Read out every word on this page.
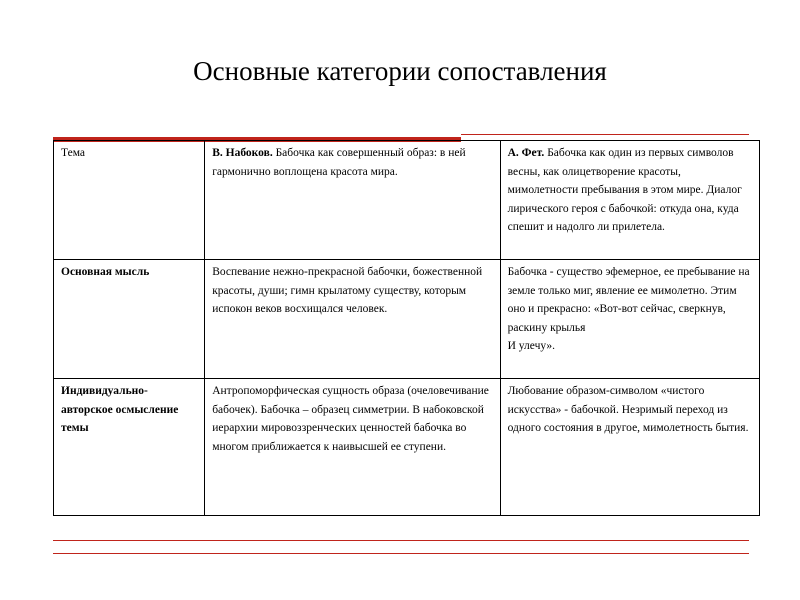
Основные категории сопоставления
Тема	В. Набоков. Бабочка как совершенный образ: в ней гармонично воплощена красота мира.	А. Фет. Бабочка как один из первых символов весны, как олицетворение красоты, мимолетности пребывания в этом мире. Диалог лирического героя с бабочкой: откуда она, куда спешит и надолго ли прилетела.
Основная мысль	Воспевание нежно-прекрасной бабочки, божественной красоты, души; гимн крылатому существу, которым испокон веков восхищался человек.	Бабочка - существо эфемерное, ее пребывание на земле только миг, явление ее мимолетно. Этим оно и прекрасно: «Вот-вот сейчас, сверкнув, раскину крылья
И улечу».
Индивидуально-авторское осмысление темы	Антропоморфическая сущность образа (очеловечивание бабочек). Бабочка – образец симметрии. В набоковской иерархии мировоззренческих ценностей бабочка во многом приближается к наивысшей ее ступени.	Любование образом-символом «чистого искусства» - бабочкой. Незримый переход из одного состояния в другое, мимолетность бытия.
